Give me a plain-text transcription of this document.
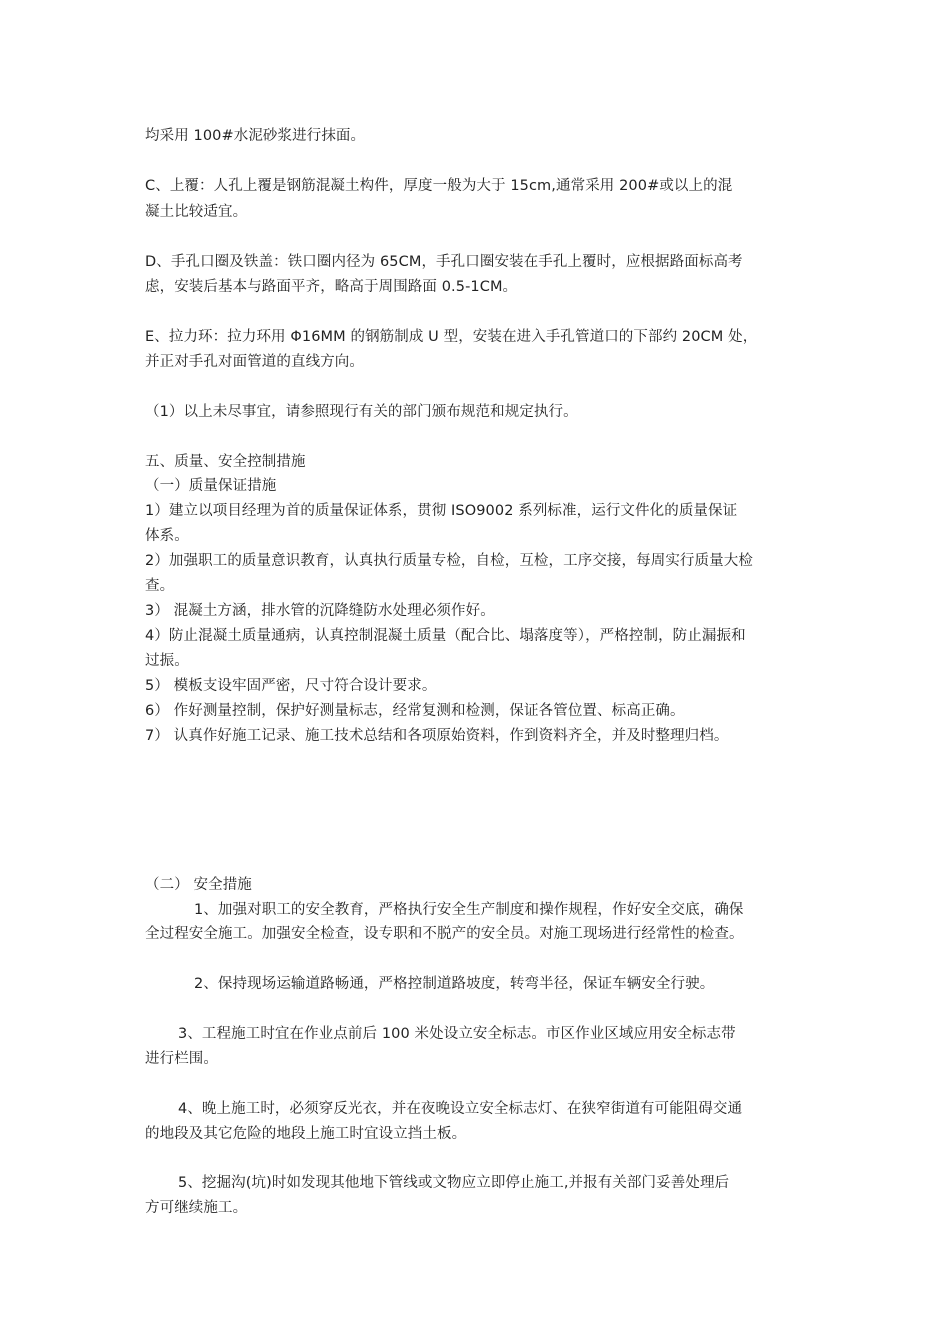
均采用 100#水泥砂浆进行抹面。
C、上覆：人孔上覆是钢筋混凝土构件，厚度一般为大于 15cm,通常采用 200#或以上的混
凝土比较适宜。
D、手孔口圈及铁盖：铁口圈内径为 65CM，手孔口圈安装在手孔上覆时，应根据路面标高考
虑，安装后基本与路面平齐，略高于周围路面 0.5-1CM。
E、拉力环：拉力环用 Φ16MM 的钢筋制成 U 型，安装在进入手孔管道口的下部约 20CM 处，
并正对手孔对面管道的直线方向。
（1）以上未尽事宜，请参照现行有关的部门颁布规范和规定执行。
五、质量、安全控制措施
（一）质量保证措施
1）建立以项目经理为首的质量保证体系，贯彻 ISO9002 系列标准，运行文件化的质量保证
体系。
2）加强职工的质量意识教育，认真执行质量专检，自检，互检，工序交接，每周实行质量大检
查。
3） 混凝土方涵，排水管的沉降缝防水处理必须作好。
4）防止混凝土质量通病，认真控制混凝土质量（配合比、塌落度等），严格控制，防止漏振和
过振。
5） 模板支设牢固严密，尺寸符合设计要求。
6） 作好测量控制，保护好测量标志，经常复测和检测，保证各管位置、标高正确。
7） 认真作好施工记录、施工技术总结和各项原始资料，作到资料齐全，并及时整理归档。
（二） 安全措施
1、加强对职工的安全教育，严格执行安全生产制度和操作规程，作好安全交底，确保
全过程安全施工。加强安全检查，设专职和不脱产的安全员。对施工现场进行经常性的检查。
2、保持现场运输道路畅通，严格控制道路坡度，转弯半径，保证车辆安全行驶。
3、工程施工时宜在作业点前后 100 米处设立安全标志。市区作业区域应用安全标志带
进行栏围。
4、晚上施工时，必须穿反光衣，并在夜晚设立安全标志灯、在狭窄街道有可能阻碍交通
的地段及其它危险的地段上施工时宜设立挡土板。
5、挖掘沟(坑)时如发现其他地下管线或文物应立即停止施工,并报有关部门妥善处理后
方可继续施工。
